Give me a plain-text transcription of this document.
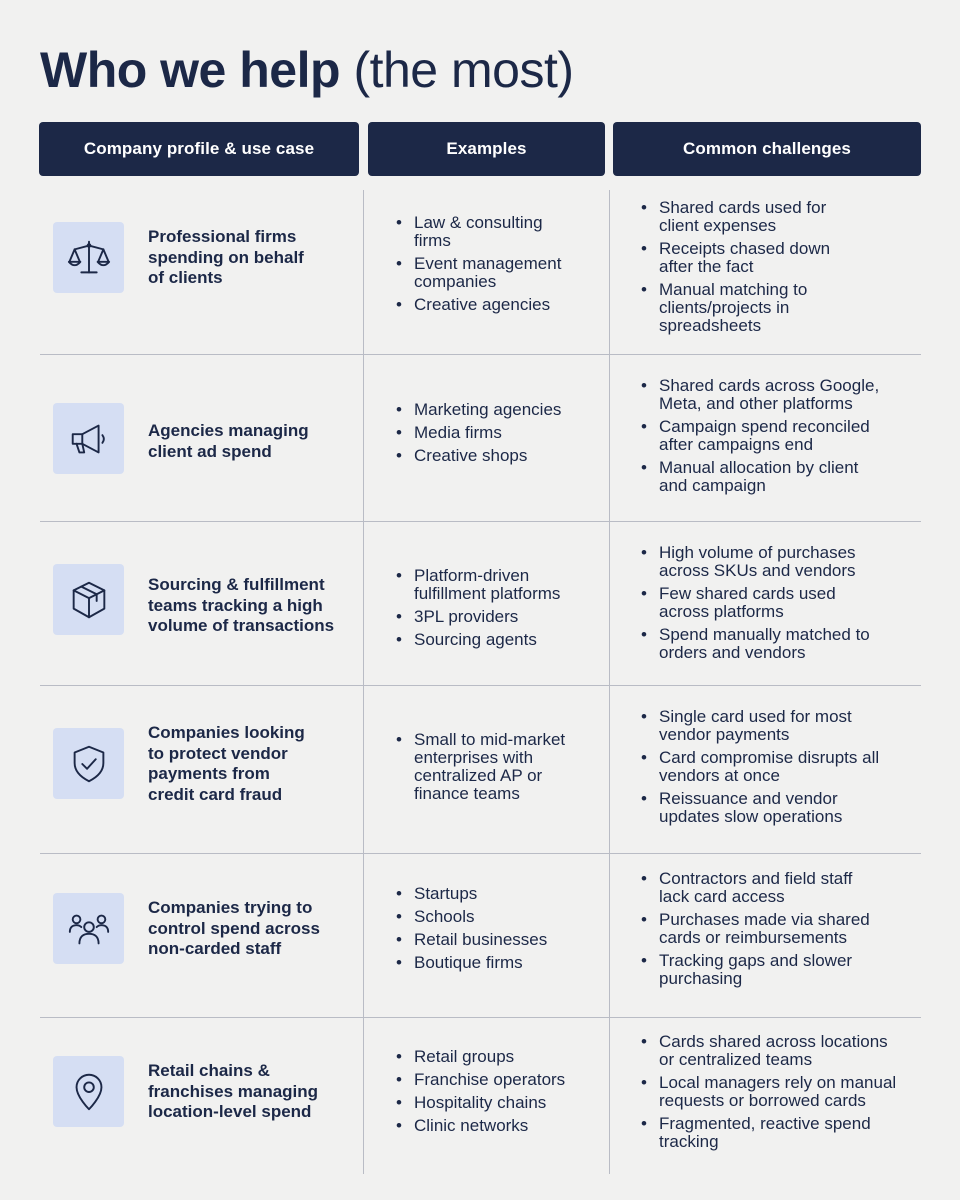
Who we help (the most)
Company profile & use case	Examples	Common challenges
Professional firms
spending on behalf
of clients
• Law & consulting
firms
• Event management
companies
• Creative agencies
• Shared cards used for
client expenses
• Receipts chased down
after the fact
• Manual matching to
clients/projects in
spreadsheets
Agencies managing
client ad spend
• Marketing agencies
• Media firms
• Creative shops
• Shared cards across Google,
Meta, and other platforms
• Campaign spend reconciled
after campaigns end
• Manual allocation by client
and campaign
Sourcing & fulfillment
teams tracking a high
volume of transactions
• Platform-driven
fulfillment platforms
• 3PL providers
• Sourcing agents
• High volume of purchases
across SKUs and vendors
• Few shared cards used
across platforms
• Spend manually matched to
orders and vendors
Companies looking
to protect vendor
payments from
credit card fraud
• Small to mid-market
enterprises with
centralized AP or
finance teams
• Single card used for most
vendor payments
• Card compromise disrupts all
vendors at once
• Reissuance and vendor
updates slow operations
Companies trying to
control spend across
non-carded staff
• Startups
• Schools
• Retail businesses
• Boutique firms
• Contractors and field staff
lack card access
• Purchases made via shared
cards or reimbursements
• Tracking gaps and slower
purchasing
Retail chains &
franchises managing
location-level spend
• Retail groups
• Franchise operators
• Hospitality chains
• Clinic networks
• Cards shared across locations
or centralized teams
• Local managers rely on manual
requests or borrowed cards
• Fragmented, reactive spend
tracking
